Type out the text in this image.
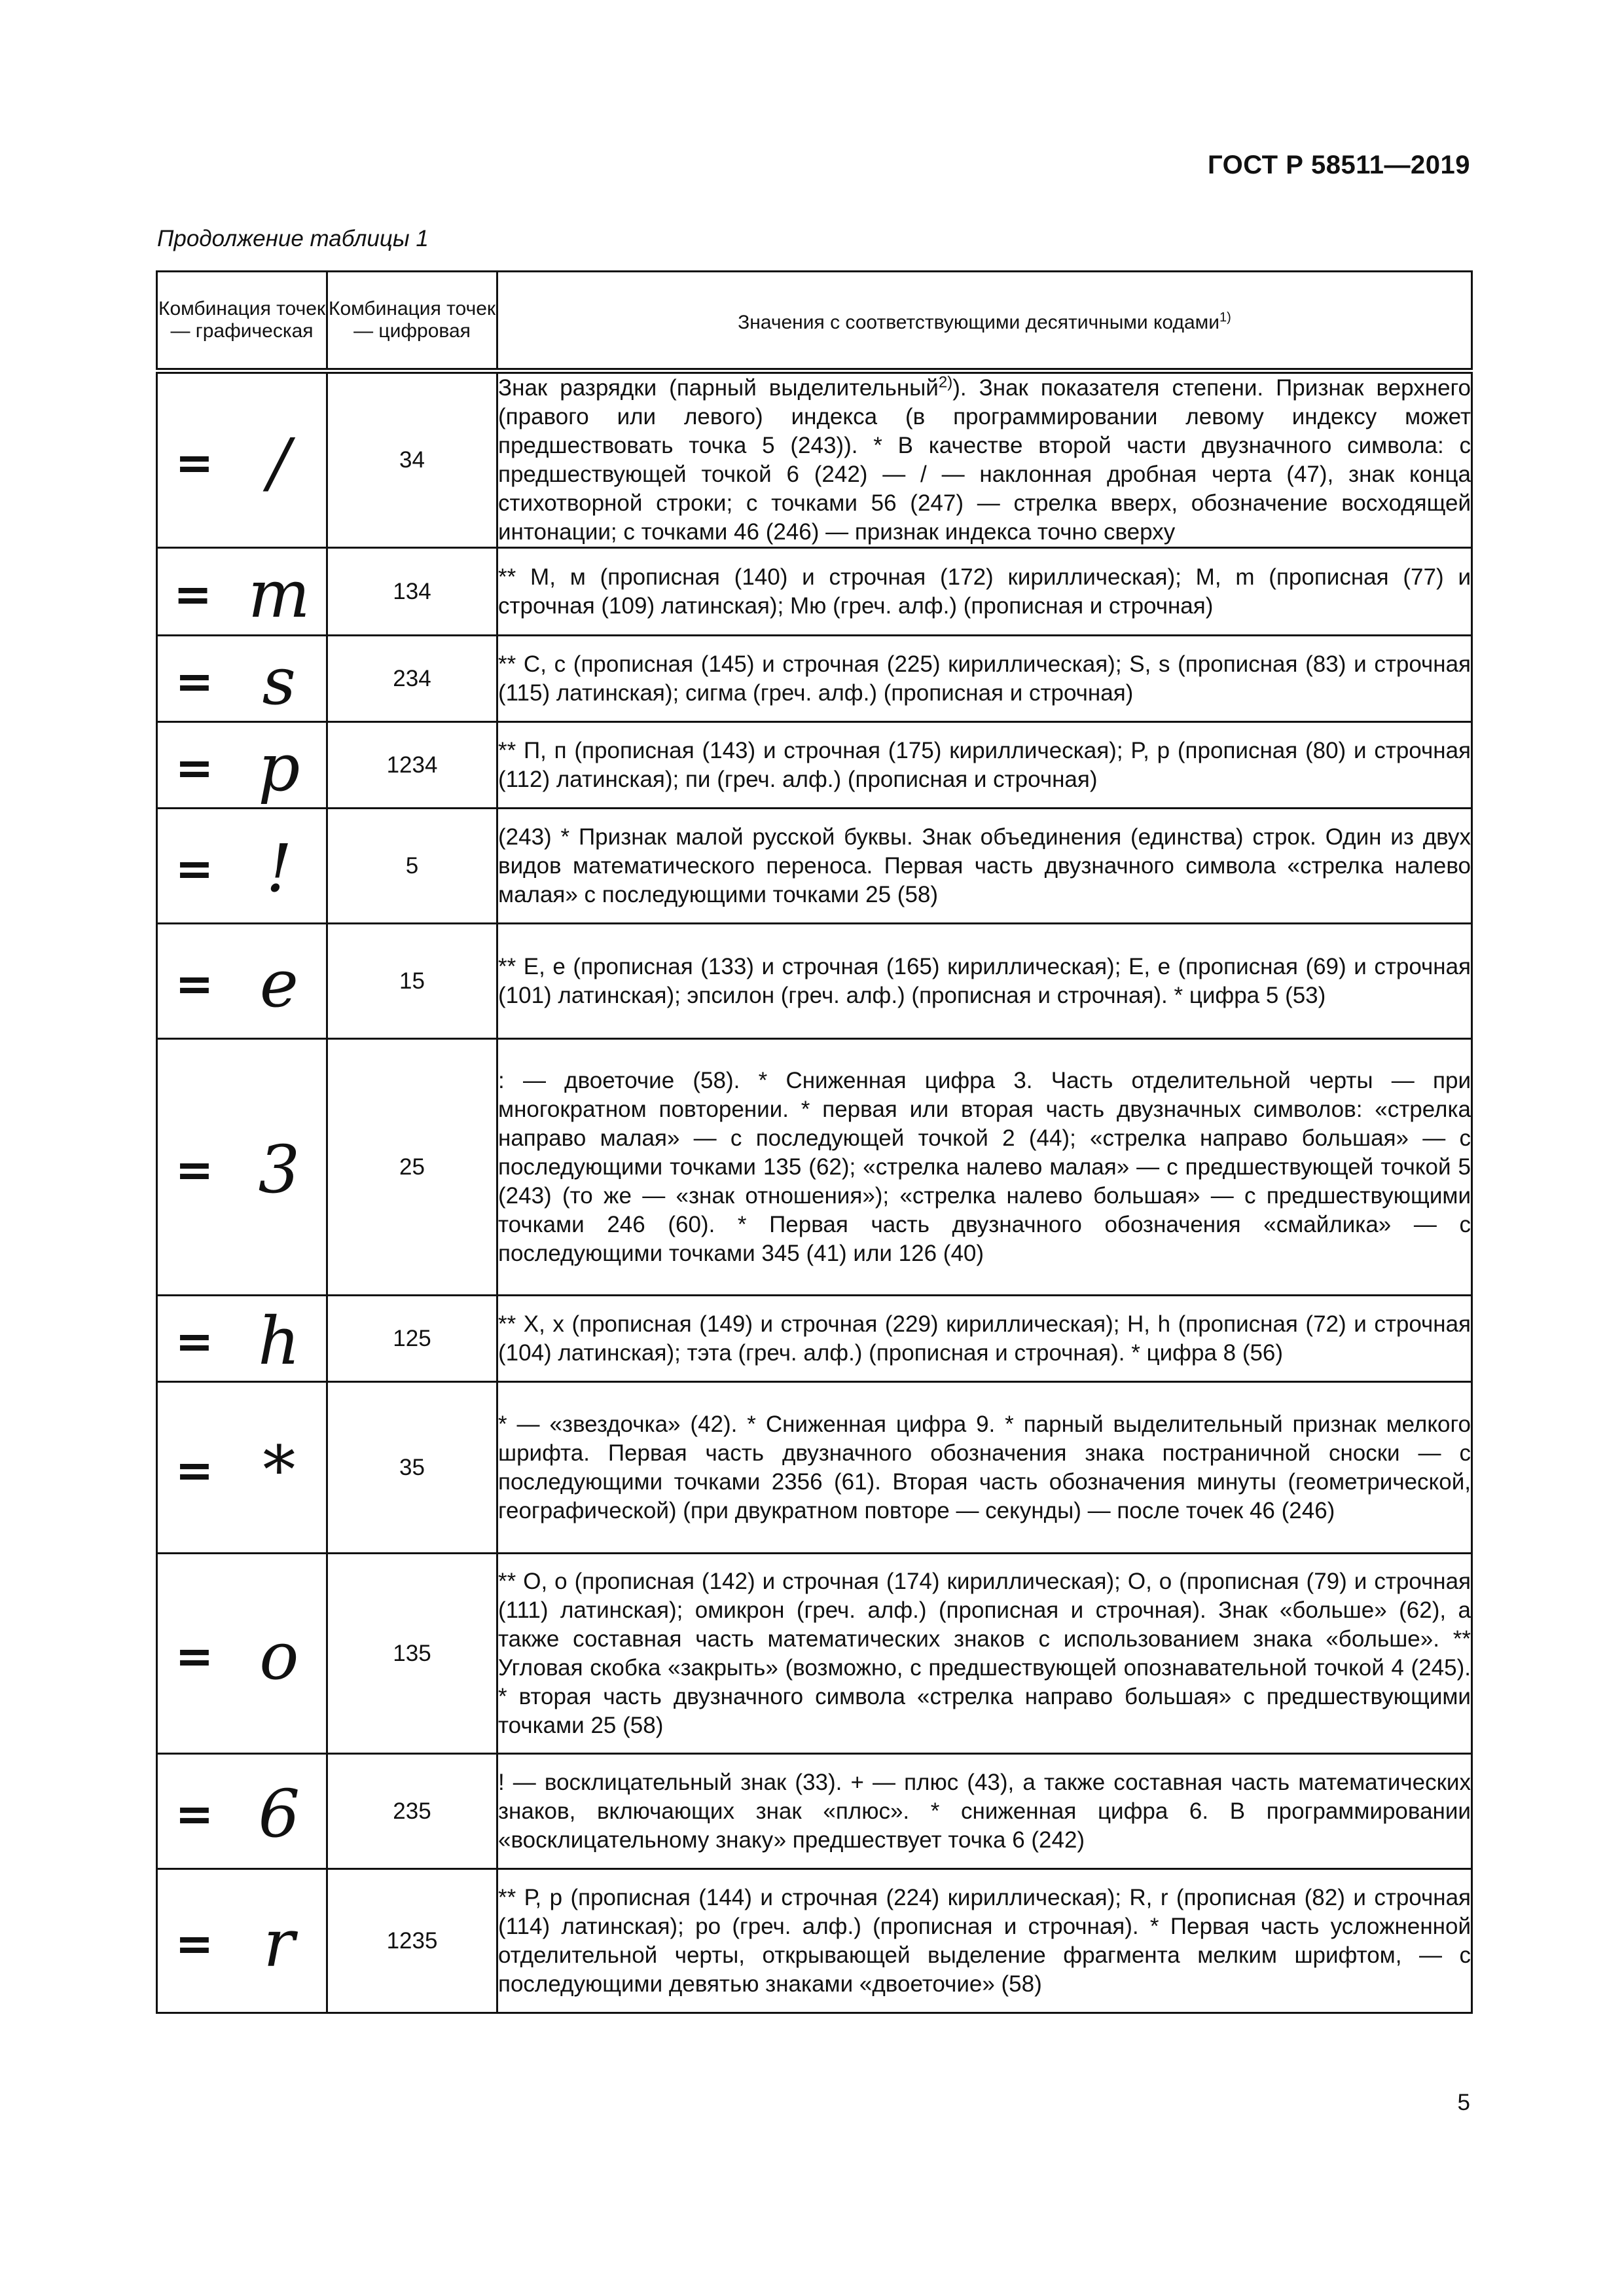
ГОСТ Р 58511—2019
Продолжение таблицы 1
Комбинация точек — графическая	Комбинация точек — цифровая	Значения с соответствующими десятичными кодами$^{1)}$
= /	34	Знак разрядки (парный выделительный$^{2)}$). Знак показателя степени. Признак верхнего (правого или левого) индекса (в программировании левому индексу может предшествовать точка 5 (243)). * В качестве второй части двузначного символа: с предшествующей точкой 6 (242) — / — наклонная дробная черта (47), знак конца стихотворной строки; с точками 56 (247) — стрелка вверх, обозначение восходящей интонации; с точками 46 (246) — признак индекса точно сверху
= m	134	** М, м (прописная (140) и строчная (172) кириллическая); M, m (прописная (77) и строчная (109) латинская); Мю (греч. алф.) (прописная и строчная)
= s	234	** С, с (прописная (145) и строчная (225) кириллическая); S, s (прописная (83) и строчная (115) латинская); сигма (греч. алф.) (прописная и строчная)
= p	1234	** П, п (прописная (143) и строчная (175) кириллическая); P, p (прописная (80) и строчная (112) латинская); пи (греч. алф.) (прописная и строчная)
= !	5	(243) * Признак малой русской буквы. Знак объединения (единства) строк. Один из двух видов математического переноса. Первая часть двузначного символа «стрелка налево малая» с последующими точками 25 (58)
= e	15	** Е, е (прописная (133) и строчная (165) кириллическая); E, e (прописная (69) и строчная (101) латинская); эпсилон (греч. алф.) (прописная и строчная). * цифра 5 (53)
= 3	25	: — двоеточие (58). * Сниженная цифра 3. Часть отделительной черты — при многократном повторении. * первая или вторая часть двузначных символов: «стрелка направо малая» — с последующей точкой 2 (44); «стрелка направо большая» — с последующими точками 135 (62); «стрелка налево малая» — с предшествующей точкой 5 (243) (то же — «знак отношения»); «стрелка налево большая» — с предшествующими точками 246 (60). * Первая часть двузначного обозначения «смайлика» — с последующими точками 345 (41) или 126 (40)
= h	125	** Х, х (прописная (149) и строчная (229) кириллическая); H, h (прописная (72) и строчная (104) латинская); тэта (греч. алф.) (прописная и строчная). * цифра 8 (56)
= *	35	* — «звездочка» (42). * Сниженная цифра 9. * парный выделительный признак мелкого шрифта. Первая часть двузначного обозначения знака постраничной сноски — с последующими точками 2356 (61). Вторая часть обозначения минуты (геометрической, географической) (при двукратном повторе — секунды) — после точек 46 (246)
= o	135	** О, о (прописная (142) и строчная (174) кириллическая); O, o (прописная (79) и строчная (111) латинская); омикрон (греч. алф.) (прописная и строчная). Знак «больше» (62), а также составная часть математических знаков с использованием знака «больше». ** Угловая скобка «закрыть» (возможно, с предшествующей опознавательной точкой 4 (245). * вторая часть двузначного символа «стрелка направо большая» с предшествующими точками 25 (58)
= 6	235	! — восклицательный знак (33). + — плюс (43), а также составная часть математических знаков, включающих знак «плюс». * сниженная цифра 6. В программировании «восклицательному знаку» предшествует точка 6 (242)
= r	1235	** Р, р (прописная (144) и строчная (224) кириллическая); R, r (прописная (82) и строчная (114) латинская); ро (греч. алф.) (прописная и строчная). * Первая часть усложненной отделительной черты, открывающей выделение фрагмента мелким шрифтом, — с последующими девятью знаками «двоеточие» (58)
5
